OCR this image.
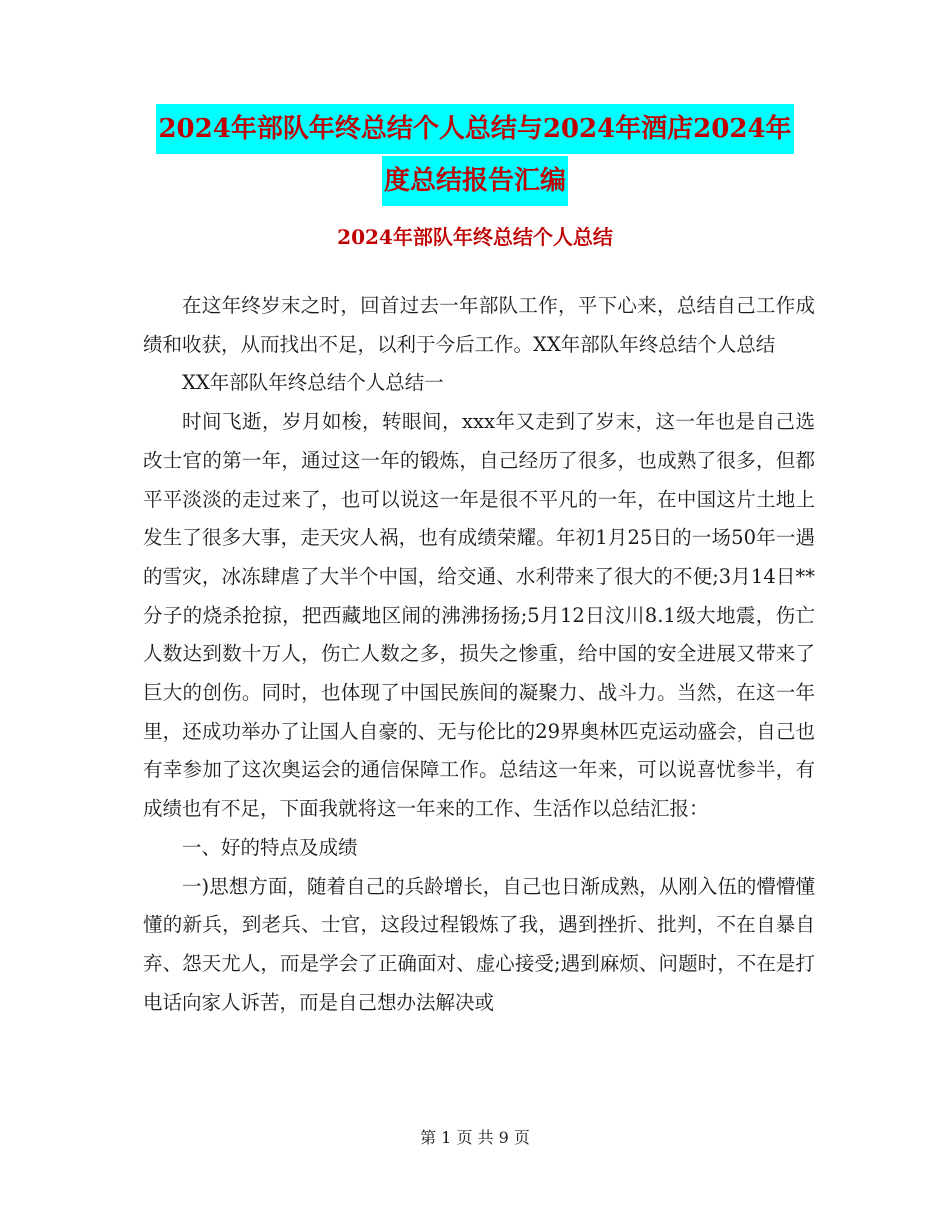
2024年部队年终总结个人总结与2024年酒店2024年
度总结报告汇编
2024年部队年终总结个人总结

在这年终岁末之时，回首过去一年部队工作，平下心来，总结自己工作成绩和收获，从而找出不足，以利于今后工作。XX年部队年终总结个人总结

XX年部队年终总结个人总结一

时间飞逝，岁月如梭，转眼间，xxx年又走到了岁末，这一年也是自己选改士官的第一年，通过这一年的锻炼，自己经历了很多，也成熟了很多，但都平平淡淡的走过来了，也可以说这一年是很不平凡的一年，在中国这片土地上发生了很多大事，走天灾人祸，也有成绩荣耀。年初1月25日的一场50年一遇的雪灾，冰冻肆虐了大半个中国，给交通、水利带来了很大的不便;3月14日**分子的烧杀抢掠，把西藏地区闹的沸沸扬扬;5月12日汶川8.1级大地震，伤亡人数达到数十万人，伤亡人数之多，损失之惨重，给中国的安全进展又带来了巨大的创伤。同时，也体现了中国民族间的凝聚力、战斗力。当然，在这一年里，还成功举办了让国人自豪的、无与伦比的29界奥林匹克运动盛会，自己也有幸参加了这次奥运会的通信保障工作。总结这一年来，可以说喜忧参半，有成绩也有不足，下面我就将这一年来的工作、生活作以总结汇报：

一、好的特点及成绩

一)思想方面，随着自己的兵龄增长，自己也日渐成熟，从刚入伍的懵懵懂懂的新兵，到老兵、士官，这段过程锻炼了我，遇到挫折、批判，不在自暴自弃、怨天尤人，而是学会了正确面对、虚心接受;遇到麻烦、问题时，不在是打电话向家人诉苦，而是自己想办法解决或

第 1 页 共 9 页
